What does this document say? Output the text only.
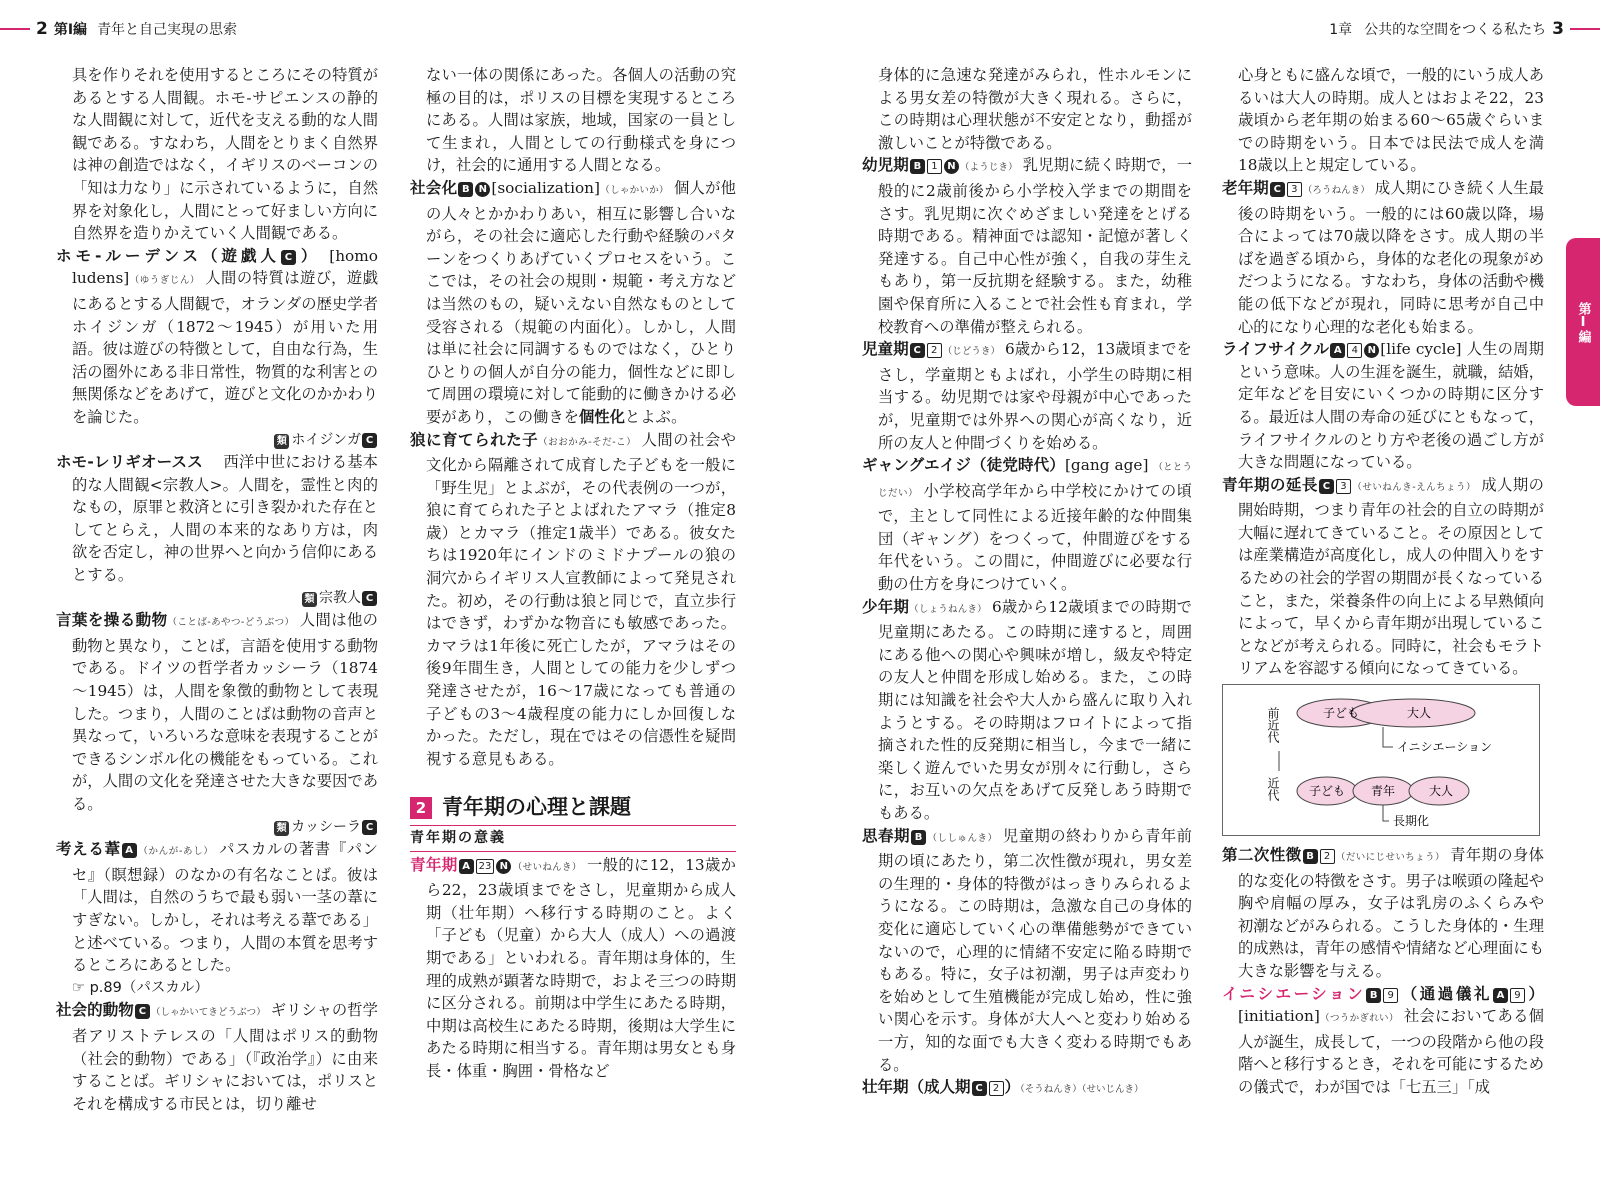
2 第Ⅰ編 青年と自己実現の思索	1章 公共的な空間をつくる私たち 3
第Ⅰ編

具を作りそれを使用するところにその特質があるとする人間観。ホモ-サピエンスの静的な人間観に対して，近代を支える動的な人間観である。すなわち，人間をとりまく自然界は神の創造ではなく，イギリスのベーコンの「知は力なり」に示されているように，自然界を対象化し，人間にとって好ましい方向に自然界を造りかえていく人間観である。

ホモ-ルーデンス（遊戯人 C ） [homo ludens]（ゆうぎじん） 人間の特質は遊び，遊戯にあるとする人間観で，オランダの歴史学者ホイジンガ（1872～1945）が用いた用語。彼は遊びの特徴として，自由な行為，生活の圏外にある非日常性，物質的な利害との無関係などをあげて，遊びと文化のかかわりを論じた。

類 ホイジンガ C

ホモ-レリギオースス　 西洋中世における基本的な人間観<宗教人>。人間を，霊性と肉的なもの，原罪と救済とに引き裂かれた存在としてとらえ，人間の本来的なあり方は，肉欲を否定し，神の世界へと向かう信仰にあるとする。

類 宗教人 C

言葉を操る動物（ことば-あやつ-どうぶつ） 人間は他の動物と異なり，ことば，言語を使用する動物である。ドイツの哲学者カッシーラ（1874～1945）は，人間を象徴的動物として表現した。つまり，人間のことばは動物の音声と異なって，いろいろな意味を表現することができるシンボル化の機能をもっている。これが，人間の文化を発達させた大きな要因である。

類 カッシーラ C

考える葦 A （かんが-あし） パスカルの著書『パンセ』（瞑想録）のなかの有名なことば。彼は「人間は，自然のうちで最も弱い一茎の葦にすぎない。しかし，それは考える葦である」と述べている。つまり，人間の本質を思考するところにあるとした。

☞ p.89（パスカル）

社会的動物 C （しゃかいてきどうぶつ） ギリシャの哲学者アリストテレスの「人間はポリス的動物（社会的動物）である」（『政治学』）に由来することば。ギリシャにおいては，ポリスとそれを構成する市民とは，切り離せ

ない一体の関係にあった。各個人の活動の究極の目的は，ポリスの目標を実現するところにある。人間は家族，地域，国家の一員として生まれ，人間としての行動様式を身につけ，社会的に通用する人間となる。

社会化 B N [socialization]（しゃかいか） 個人が他の人々とかかわりあい，相互に影響し合いながら，その社会に適応した行動や経験のパターンをつくりあげていくプロセスをいう。ここでは，その社会の規則・規範・考え方などは当然のもの，疑いえない自然なものとして受容される（規範の内面化）。しかし，人間は単に社会に同調するものではなく，ひとりひとりの個人が自分の能力，個性などに即して周囲の環境に対して能動的に働きかける必要があり，この働きを個性化とよぶ。

狼に育てられた子（おおかみ-そだ-こ） 人間の社会や文化から隔離されて成育した子どもを一般に「野生児」とよぶが，その代表例の一つが，狼に育てられた子とよばれたアマラ（推定8歳）とカマラ（推定1歳半）である。彼女たちは1920年にインドのミドナプールの狼の洞穴からイギリス人宣教師によって発見された。初め，その行動は狼と同じで，直立歩行はできず，わずかな物音にも敏感であった。カマラは1年後に死亡したが，アマラはその後9年間生き，人間としての能力を少しずつ発達させたが，16～17歳になっても普通の子どもの3～4歳程度の能力にしか回復しなかった。ただし，現在ではその信憑性を疑問視する意見もある。

2 青年期の心理と課題
青年期の意義

青年期 A 23 N （せいねんき） 一般的に12，13歳から22，23歳頃までをさし，児童期から成人期（壮年期）へ移行する時期のこと。よく「子ども（児童）から大人（成人）への過渡期である」といわれる。青年期は身体的，生理的成熟が顕著な時期で，およそ三つの時期に区分される。前期は中学生にあたる時期，中期は高校生にあたる時期，後期は大学生にあたる時期に相当する。青年期は男女とも身長・体重・胸囲・骨格など

身体的に急速な発達がみられ，性ホルモンによる男女差の特徴が大きく現れる。さらに，この時期は心理状態が不安定となり，動揺が激しいことが特徴である。

幼児期 B 1 N （ようじき） 乳児期に続く時期で，一般的に2歳前後から小学校入学までの期間をさす。乳児期に次ぐめざましい発達をとげる時期である。精神面では認知・記憶が著しく発達する。自己中心性が強く，自我の芽生えもあり，第一反抗期を経験する。また，幼稚園や保育所に入ることで社会性も育まれ，学校教育への準備が整えられる。

児童期 C 2 （じどうき） 6歳から12，13歳頃までをさし，学童期ともよばれ，小学生の時期に相当する。幼児期では家や母親が中心であったが，児童期では外界への関心が高くなり，近所の友人と仲間づくりを始める。

ギャングエイジ（徒党時代）[gang age] （ととうじだい） 小学校高学年から中学校にかけての頃で，主として同性による近接年齢的な仲間集団（ギャング）をつくって，仲間遊びをする年代をいう。この間に，仲間遊びに必要な行動の仕方を身につけていく。

少年期（しょうねんき） 6歳から12歳頃までの時期で児童期にあたる。この時期に達すると，周囲にある他への関心や興味が増し，級友や特定の友人と仲間を形成し始める。また，この時期には知識を社会や大人から盛んに取り入れようとする。その時期はフロイトによって指摘された性的反発期に相当し，今まで一緒に楽しく遊んでいた男女が別々に行動し，さらに，お互いの欠点をあげて反発しあう時期でもある。

思春期 B （ししゅんき） 児童期の終わりから青年前期の頃にあたり，第二次性徴が現れ，男女差の生理的・身体的特徴がはっきりみられるようになる。この時期は，急激な自己の身体的変化に適応していく心の準備態勢ができていないので，心理的に情緒不安定に陥る時期でもある。特に，女子は初潮，男子は声変わりを始めとして生殖機能が完成し始め，性に強い関心を示す。身体が大人へと変わり始める一方，知的な面でも大きく変わる時期でもある。

壮年期（成人期 C 2 ）（そうねんき）（せいじんき）

心身ともに盛んな頃で，一般的にいう成人あるいは大人の時期。成人とはおよそ22，23歳頃から老年期の始まる60～65歳ぐらいまでの時期をいう。日本では民法で成人を満18歳以上と規定している。

老年期 C 3 （ろうねんき） 成人期にひき続く人生最後の時期をいう。一般的には60歳以降，場合によっては70歳以降をさす。成人期の半ばを過ぎる頃から，身体的な老化の現象がめだつようになる。すなわち，身体の活動や機能の低下などが現れ，同時に思考が自己中心的になり心理的な老化も始まる。

ライフサイクル A 4 N [life cycle] 人生の周期という意味。人の生涯を誕生，就職，結婚，定年などを目安にいくつかの時期に区分する。最近は人間の寿命の延びにともなって，ライフサイクルのとり方や老後の過ごし方が大きな問題になっている。

青年期の延長 C 3 （せいねんき-えんちょう） 成人期の開始時期，つまり青年の社会的自立の時期が大幅に遅れてきていること。その原因としては産業構造が高度化し，成人の仲間入りをするための社会的学習の期間が長くなっていること，また，栄養条件の向上による早熟傾向によって，早くから青年期が出現していることなどが考えられる。同時に，社会もモラトリアムを容認する傾向になってきている。

前近代
近代
子ども	大人
イニシエーション
子ども 青年	大人
長期化

第二次性徴 B 2 （だいにじせいちょう） 青年期の身体的な変化の特徴をさす。男子は喉頭の隆起や胸や肩幅の厚み，女子は乳房のふくらみや初潮などがみられる。こうした身体的・生理的成熟は，青年の感情や情緒など心理面にも大きな影響を与える。

イニシエーション B 9 （通過儀礼 A 9 ） [initiation]（つうかぎれい） 社会においてある個人が誕生，成長して，一つの段階から他の段階へと移行するとき，それを可能にするための儀式で，わが国では「七五三」「成
